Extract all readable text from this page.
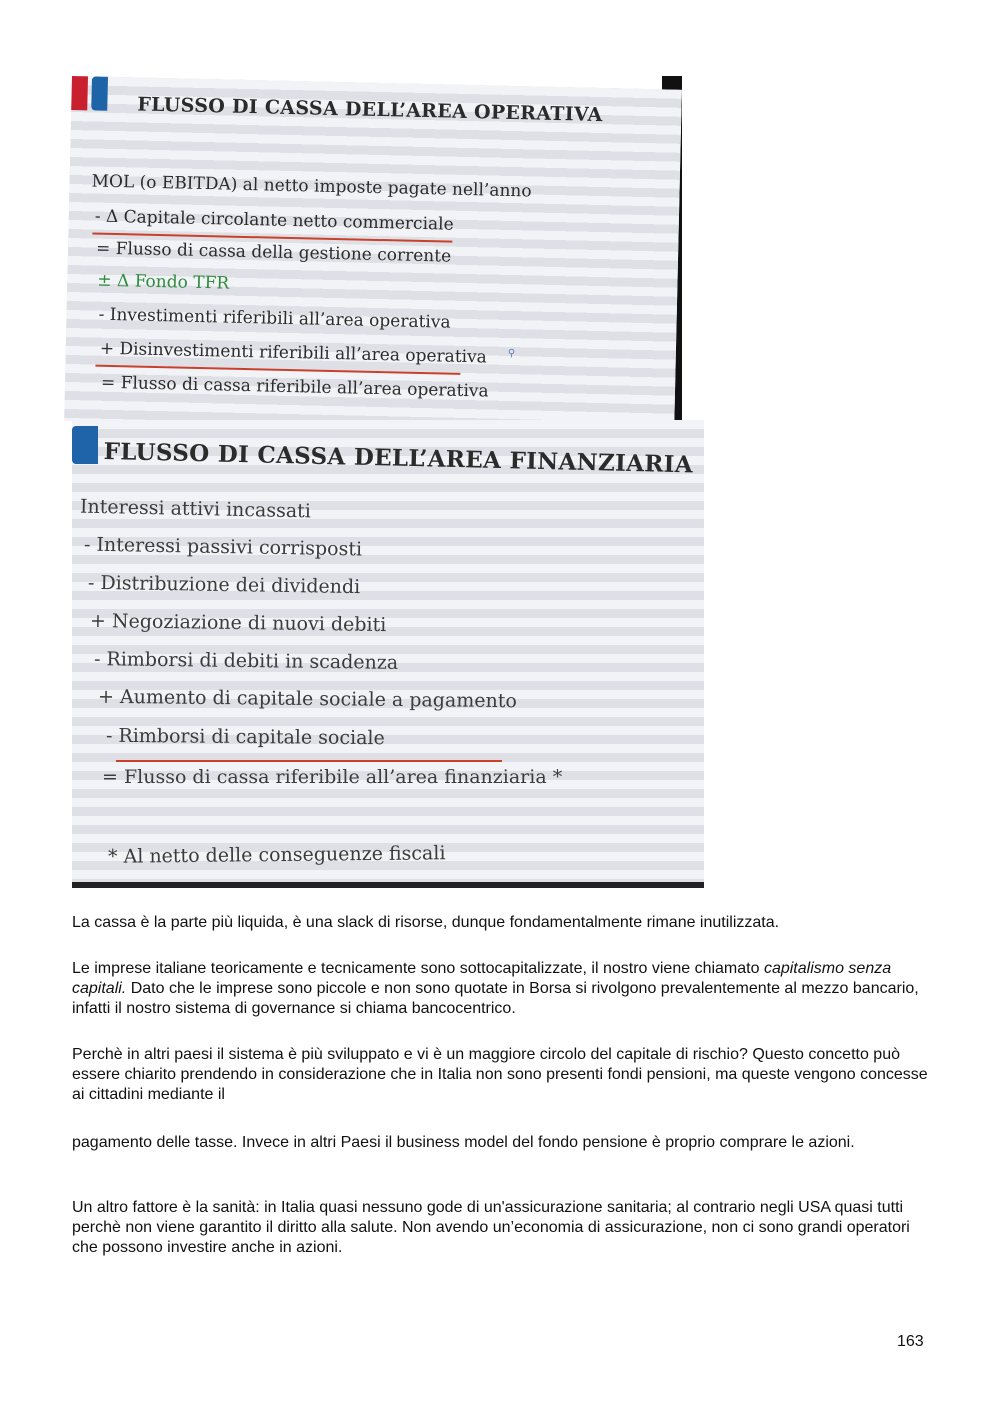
FLUSSO DI CASSA DELL’AREA OPERATIVA
MOL (o EBITDA) al netto imposte pagate nell’anno
- Δ Capitale circolante netto commerciale
= Flusso di cassa della gestione corrente
± Δ Fondo TFR
- Investimenti riferibili all’area operativa
+ Disinvestimenti riferibili all’area operativa ⚲
= Flusso di cassa riferibile all’area operativa
FLUSSO DI CASSA DELL’AREA FINANZIARIA
Interessi attivi incassati
- Interessi passivi corrisposti
- Distribuzione dei dividendi
+ Negoziazione di nuovi debiti
- Rimborsi di debiti in scadenza
+ Aumento di capitale sociale a pagamento
- Rimborsi di capitale sociale
= Flusso di cassa riferibile all’area finanziaria *
* Al netto delle conseguenze fiscali

La cassa è la parte più liquida, è una slack di risorse, dunque fondamentalmente rimane inutilizzata.

Le imprese italiane teoricamente e tecnicamente sono sottocapitalizzate, il nostro viene chiamato capitalismo senza capitali. Dato che le imprese sono piccole e non sono quotate in Borsa si rivolgono prevalentemente al mezzo bancario, infatti il nostro sistema di governance si chiama bancocentrico.

Perchè in altri paesi il sistema è più sviluppato e vi è un maggiore circolo del capitale di rischio? Questo concetto può essere chiarito prendendo in considerazione che in Italia non sono presenti fondi pensioni, ma queste vengono concesse ai cittadini mediante il

pagamento delle tasse. Invece in altri Paesi il business model del fondo pensione è proprio comprare le azioni.

Un altro fattore è la sanità: in Italia quasi nessuno gode di un'assicurazione sanitaria; al contrario negli USA quasi tutti perchè non viene garantito il diritto alla salute. Non avendo un’economia di assicurazione, non ci sono grandi operatori che possono investire anche in azioni.

163
